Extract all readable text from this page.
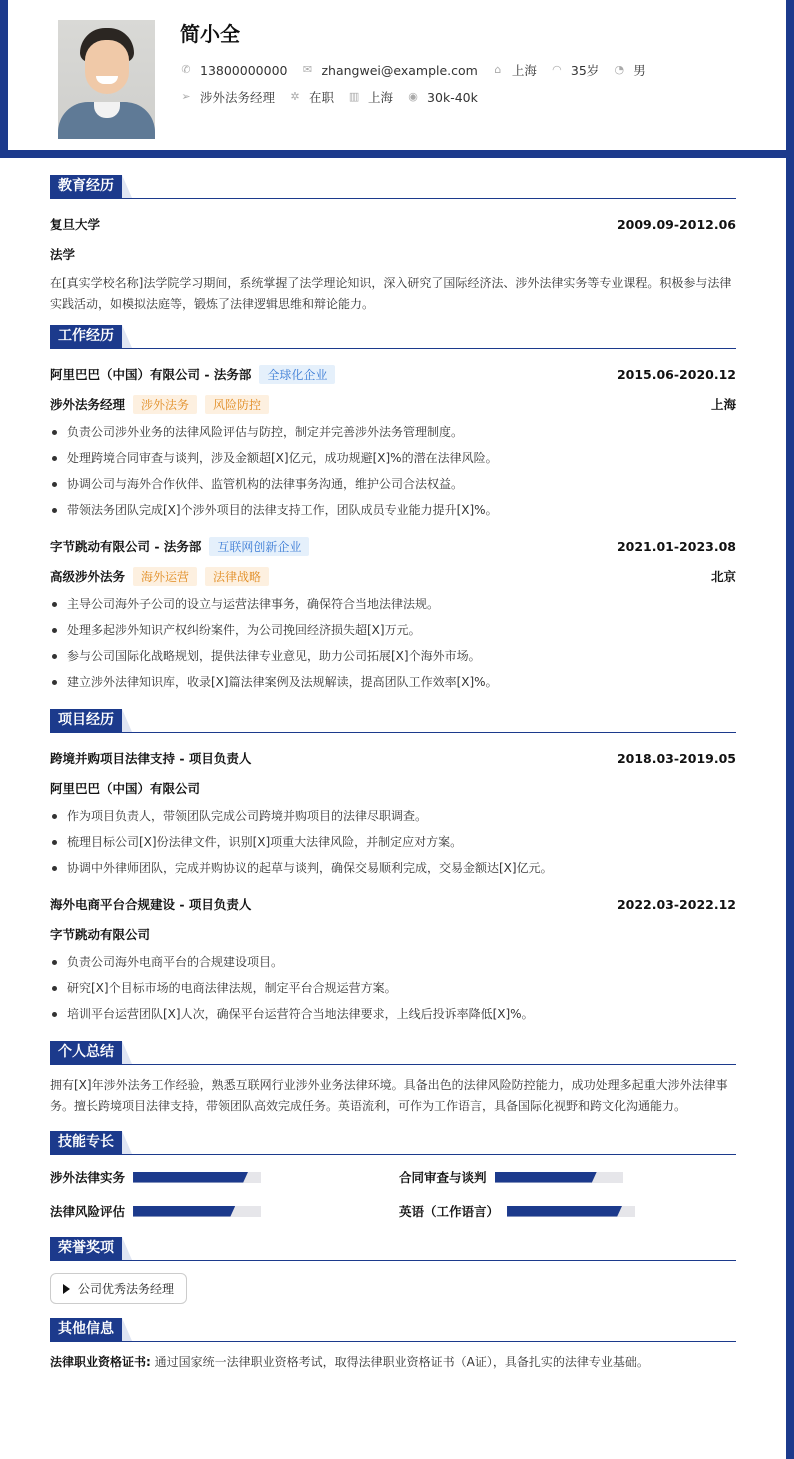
简小全
✆ 13800000000 ✉ zhangwei@example.com ⌂ 上海 ◠ 35岁 ◔ 男
➢ 涉外法务经理 ✲ 在职 ▥ 上海 ◉ 30k-40k
教育经历
复旦大学	2009.09-2012.06
法学
在[真实学校名称]法学院学习期间，系统掌握了法学理论知识，深入研究了国际经济法、涉外法律实务等专业课程。积极参与法律实践活动，如模拟法庭等，锻炼了法律逻辑思维和辩论能力。
工作经历
阿里巴巴（中国）有限公司 - 法务部 全球化企业	2015.06-2020.12
涉外法务经理 涉外法务 风险防控	上海
负责公司涉外业务的法律风险评估与防控，制定并完善涉外法务管理制度。
处理跨境合同审查与谈判，涉及金额超[X]亿元，成功规避[X]%的潜在法律风险。
协调公司与海外合作伙伴、监管机构的法律事务沟通，维护公司合法权益。
带领法务团队完成[X]个涉外项目的法律支持工作，团队成员专业能力提升[X]%。
字节跳动有限公司 - 法务部 互联网创新企业	2021.01-2023.08
高级涉外法务 海外运营 法律战略	北京
主导公司海外子公司的设立与运营法律事务，确保符合当地法律法规。
处理多起涉外知识产权纠纷案件，为公司挽回经济损失超[X]万元。
参与公司国际化战略规划，提供法律专业意见，助力公司拓展[X]个海外市场。
建立涉外法律知识库，收录[X]篇法律案例及法规解读，提高团队工作效率[X]%。
项目经历
跨境并购项目法律支持 - 项目负责人	2018.03-2019.05
阿里巴巴（中国）有限公司
作为项目负责人，带领团队完成公司跨境并购项目的法律尽职调查。
梳理目标公司[X]份法律文件，识别[X]项重大法律风险，并制定应对方案。
协调中外律师团队，完成并购协议的起草与谈判，确保交易顺利完成，交易金额达[X]亿元。
海外电商平台合规建设 - 项目负责人	2022.03-2022.12
字节跳动有限公司
负责公司海外电商平台的合规建设项目。
研究[X]个目标市场的电商法律法规，制定平台合规运营方案。
培训平台运营团队[X]人次，确保平台运营符合当地法律要求，上线后投诉率降低[X]%。
个人总结
拥有[X]年涉外法务工作经验，熟悉互联网行业涉外业务法律环境。具备出色的法律风险防控能力，成功处理多起重大涉外法律事务。擅长跨境项目法律支持，带领团队高效完成任务。英语流利，可作为工作语言，具备国际化视野和跨文化沟通能力。
技能专长
涉外法律实务	合同审查与谈判
法律风险评估	英语（工作语言）
荣誉奖项
公司优秀法务经理
其他信息
法律职业资格证书: 通过国家统一法律职业资格考试，取得法律职业资格证书（A证），具备扎实的法律专业基础。
